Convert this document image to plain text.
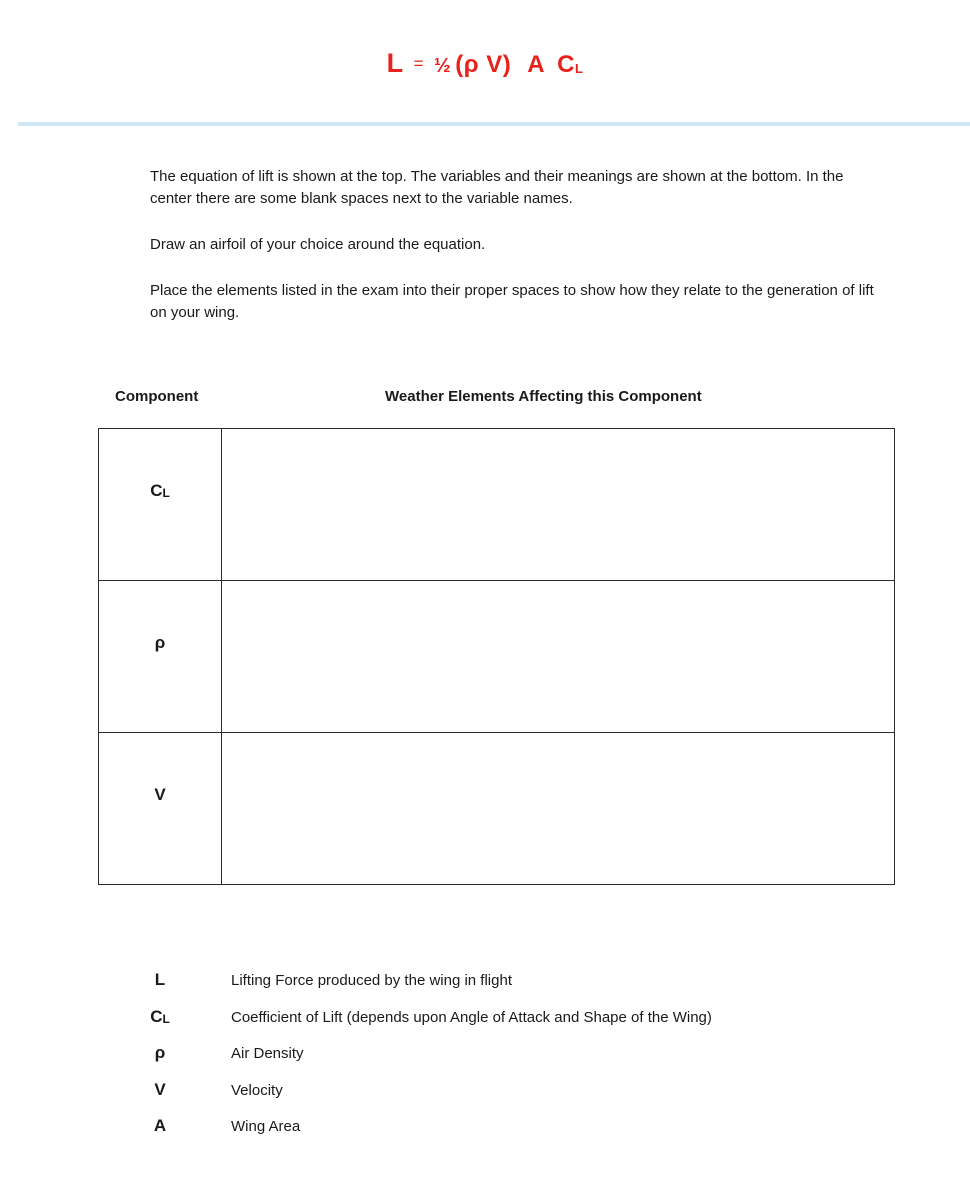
L = ½ (ρ V) A CL

The equation of lift is shown at the top. The variables and their meanings are shown at the bottom. In the center there are some blank spaces next to the variable names.

Draw an airfoil of your choice around the equation.

Place the elements listed in the exam into their proper spaces to show how they relate to the generation of lift on your wing.

Component	Weather Elements Affecting this Component
CL	
ρ	
V	
L	Lifting Force produced by the wing in flight
CL	Coefficient of Lift (depends upon Angle of Attack and Shape of the Wing)
ρ	Air Density
V	Velocity
A	Wing Area
